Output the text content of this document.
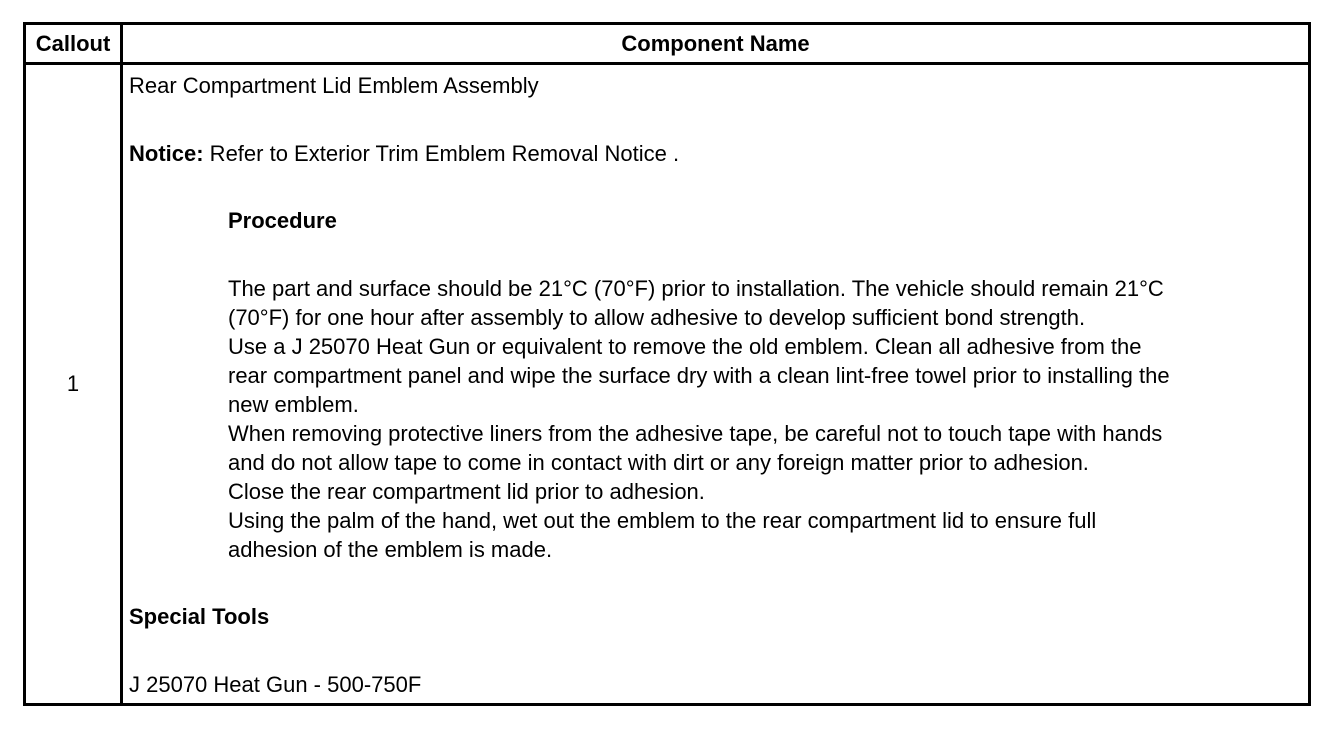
Callout	Component Name
1
Rear Compartment Lid Emblem Assembly
Notice: Refer to Exterior Trim Emblem Removal Notice .
Procedure
The part and surface should be 21°C (70°F) prior to installation. The vehicle should remain 21°C
(70°F) for one hour after assembly to allow adhesive to develop sufficient bond strength.
Use a J 25070 Heat Gun or equivalent to remove the old emblem. Clean all adhesive from the
rear compartment panel and wipe the surface dry with a clean lint-free towel prior to installing the
new emblem.
When removing protective liners from the adhesive tape, be careful not to touch tape with hands
and do not allow tape to come in contact with dirt or any foreign matter prior to adhesion.
Close the rear compartment lid prior to adhesion.
Using the palm of the hand, wet out the emblem to the rear compartment lid to ensure full
adhesion of the emblem is made.
Special Tools
J 25070 Heat Gun - 500-750F
